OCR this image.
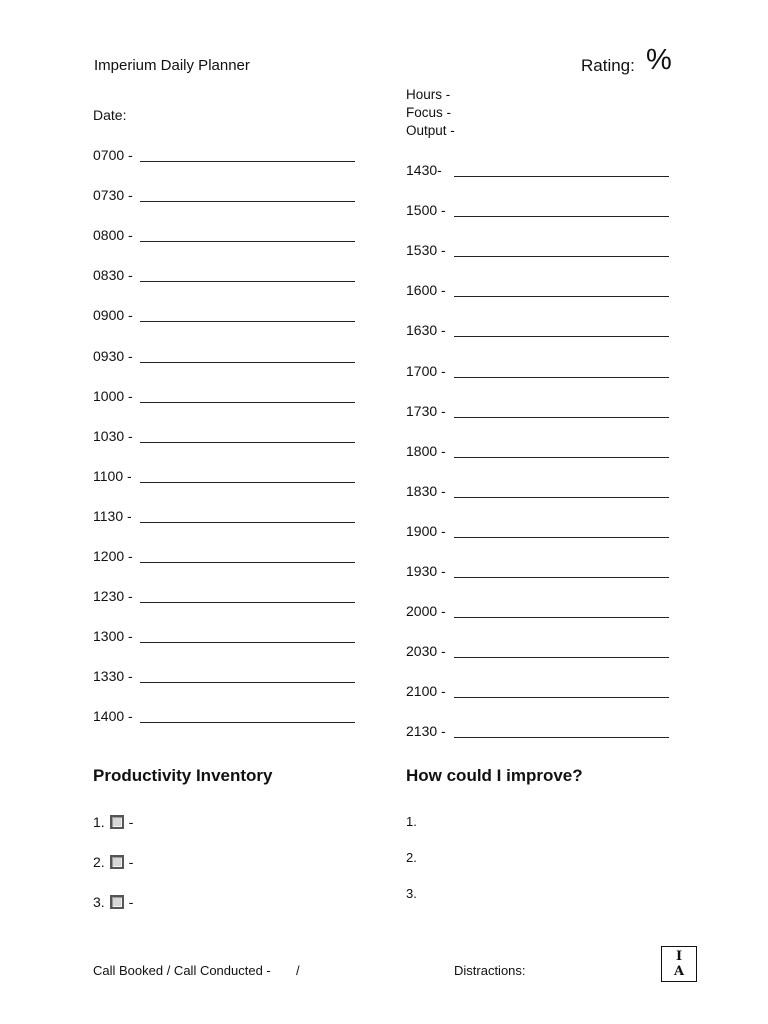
Imperium Daily Planner	Rating: %
Date:
Hours -
Focus -
Output -
0700 -
0730 -
0800 -
0830 -
0900 -
0930 -
1000 -
1030 -
1100 -
1130 -
1200 -
1230 -
1300 -
1330 -
1400 -
1430-
1500 -
1530 -
1600 -
1630 -
1700 -
1730 -
1800 -
1830 -
1900 -
1930 -
2000 -
2030 -
2100 -
2130 -
Productivity Inventory	How could I improve?
1. -
2. -
3. -
1.
2.
3.
Call Booked / Call Conducted - /	Distractions:
I
A
